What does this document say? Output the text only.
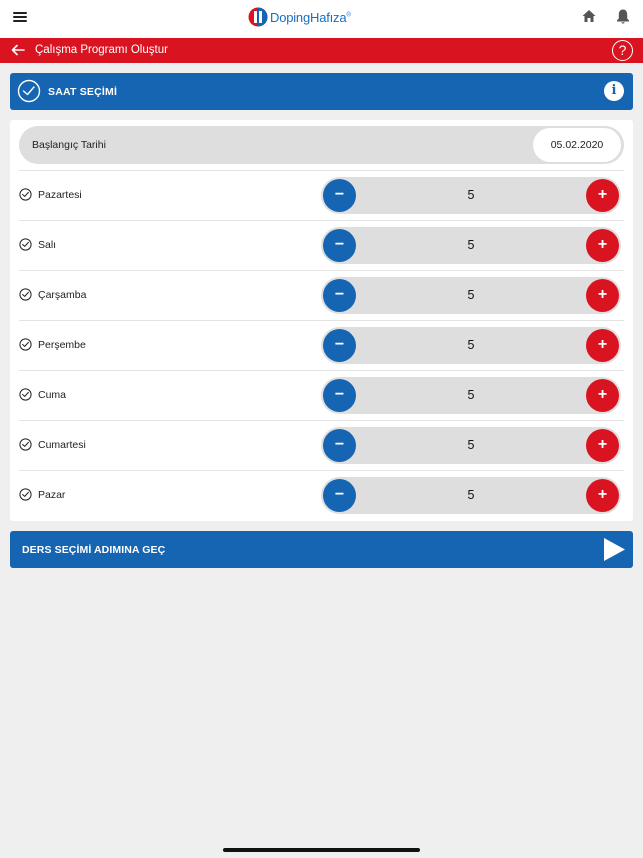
DopingHafıza®
Çalışma Programı Oluştur	?
SAAT SEÇİMİ	i
Başlangıç Tarihi	05.02.2020
Pazartesi	−	5	+
Salı	−	5	+
Çarşamba	−	5	+
Perşembe	−	5	+
Cuma	−	5	+
Cumartesi	−	5	+
Pazar	−	5	+
DERS SEÇİMİ ADIMINA GEÇ
